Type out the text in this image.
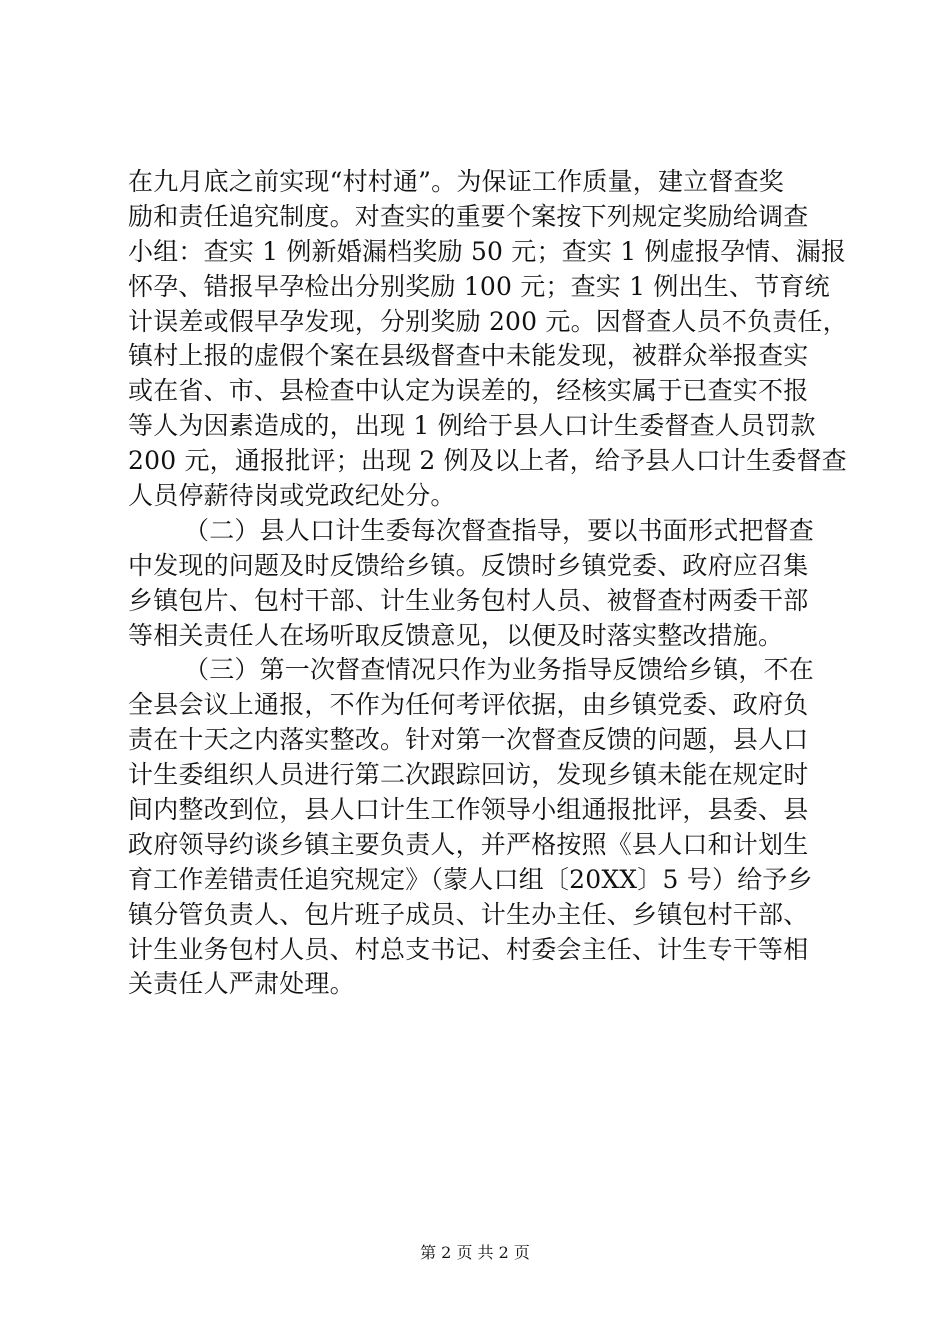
在九月底之前实现“村村通”。为保证工作质量，建立督查奖
励和责任追究制度。对查实的重要个案按下列规定奖励给调查
小组：查实 1 例新婚漏档奖励 50 元；查实 1 例虚报孕情、漏报
怀孕、错报早孕检出分别奖励 100 元；查实 1 例出生、节育统
计误差或假早孕发现，分别奖励 200 元。因督查人员不负责任，
镇村上报的虚假个案在县级督查中未能发现，被群众举报查实
或在省、市、县检查中认定为误差的，经核实属于已查实不报
等人为因素造成的，出现 1 例给于县人口计生委督查人员罚款
200 元，通报批评；出现 2 例及以上者，给予县人口计生委督查
人员停薪待岗或党政纪处分。
（二）县人口计生委每次督查指导，要以书面形式把督查
中发现的问题及时反馈给乡镇。反馈时乡镇党委、政府应召集
乡镇包片、包村干部、计生业务包村人员、被督查村两委干部
等相关责任人在场听取反馈意见，以便及时落实整改措施。
（三）第一次督查情况只作为业务指导反馈给乡镇，不在
全县会议上通报，不作为任何考评依据，由乡镇党委、政府负
责在十天之内落实整改。针对第一次督查反馈的问题，县人口
计生委组织人员进行第二次跟踪回访，发现乡镇未能在规定时
间内整改到位，县人口计生工作领导小组通报批评，县委、县
政府领导约谈乡镇主要负责人，并严格按照《县人口和计划生
育工作差错责任追究规定》（蒙人口组〔20XX〕5 号）给予乡
镇分管负责人、包片班子成员、计生办主任、乡镇包村干部、
计生业务包村人员、村总支书记、村委会主任、计生专干等相
关责任人严肃处理。
第 2 页 共 2 页
